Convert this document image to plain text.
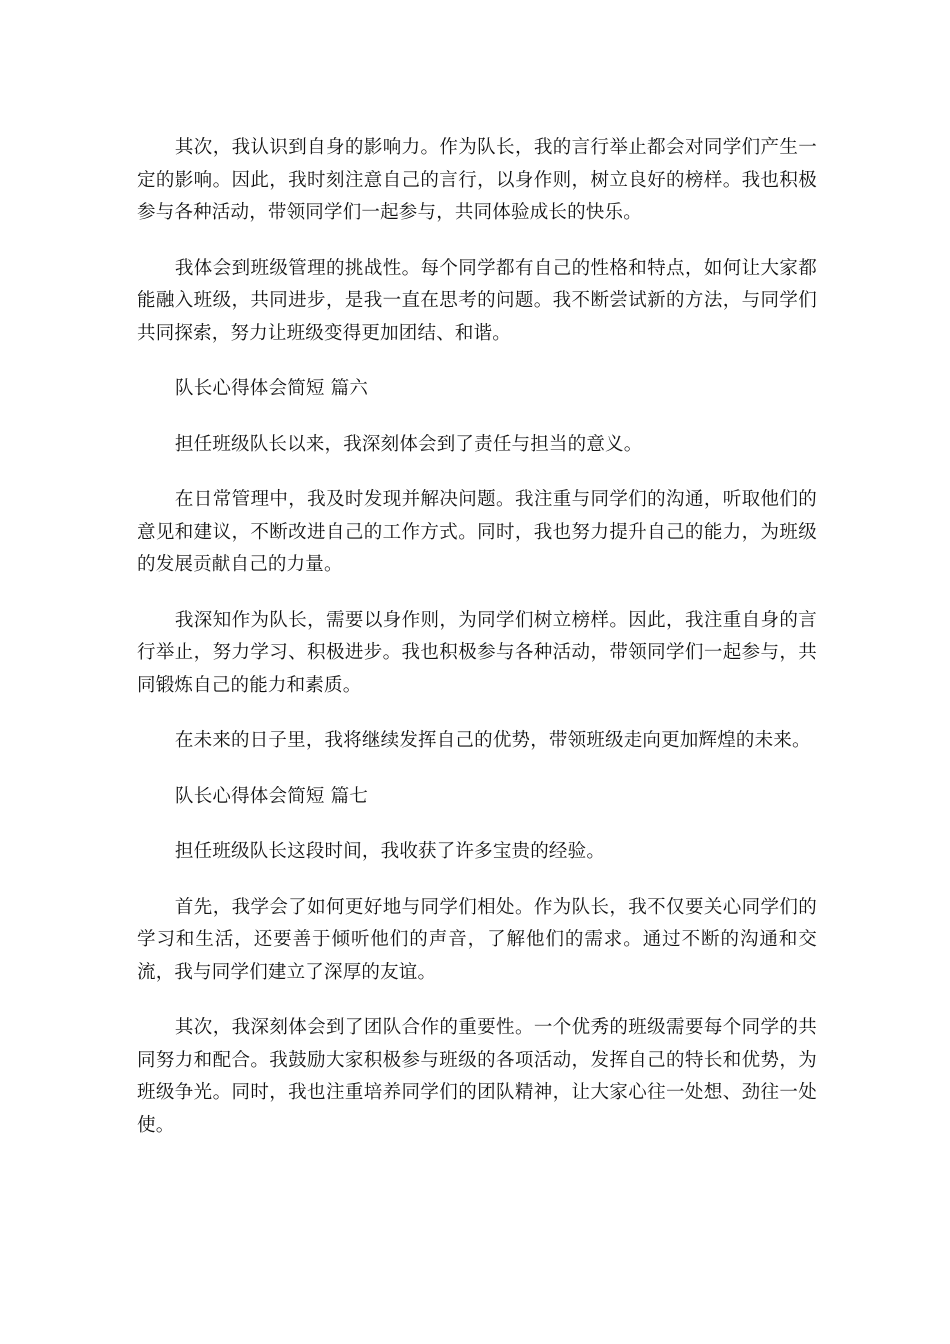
其次，我认识到自身的影响力。作为队长，我的言行举止都会对同学们产生一定的影响。因此，我时刻注意自己的言行，以身作则，树立良好的榜样。我也积极参与各种活动，带领同学们一起参与，共同体验成长的快乐。

我体会到班级管理的挑战性。每个同学都有自己的性格和特点，如何让大家都能融入班级，共同进步，是我一直在思考的问题。我不断尝试新的方法，与同学们共同探索，努力让班级变得更加团结、和谐。

队长心得体会简短 篇六

担任班级队长以来，我深刻体会到了责任与担当的意义。

在日常管理中，我及时发现并解决问题。我注重与同学们的沟通，听取他们的意见和建议，不断改进自己的工作方式。同时，我也努力提升自己的能力，为班级的发展贡献自己的力量。

我深知作为队长，需要以身作则，为同学们树立榜样。因此，我注重自身的言行举止，努力学习、积极进步。我也积极参与各种活动，带领同学们一起参与，共同锻炼自己的能力和素质。

在未来的日子里，我将继续发挥自己的优势，带领班级走向更加辉煌的未来。

队长心得体会简短 篇七

担任班级队长这段时间，我收获了许多宝贵的经验。

首先，我学会了如何更好地与同学们相处。作为队长，我不仅要关心同学们的学习和生活，还要善于倾听他们的声音，了解他们的需求。通过不断的沟通和交流，我与同学们建立了深厚的友谊。

其次，我深刻体会到了团队合作的重要性。一个优秀的班级需要每个同学的共同努力和配合。我鼓励大家积极参与班级的各项活动，发挥自己的特长和优势，为班级争光。同时，我也注重培养同学们的团队精神，让大家心往一处想、劲往一处使。
